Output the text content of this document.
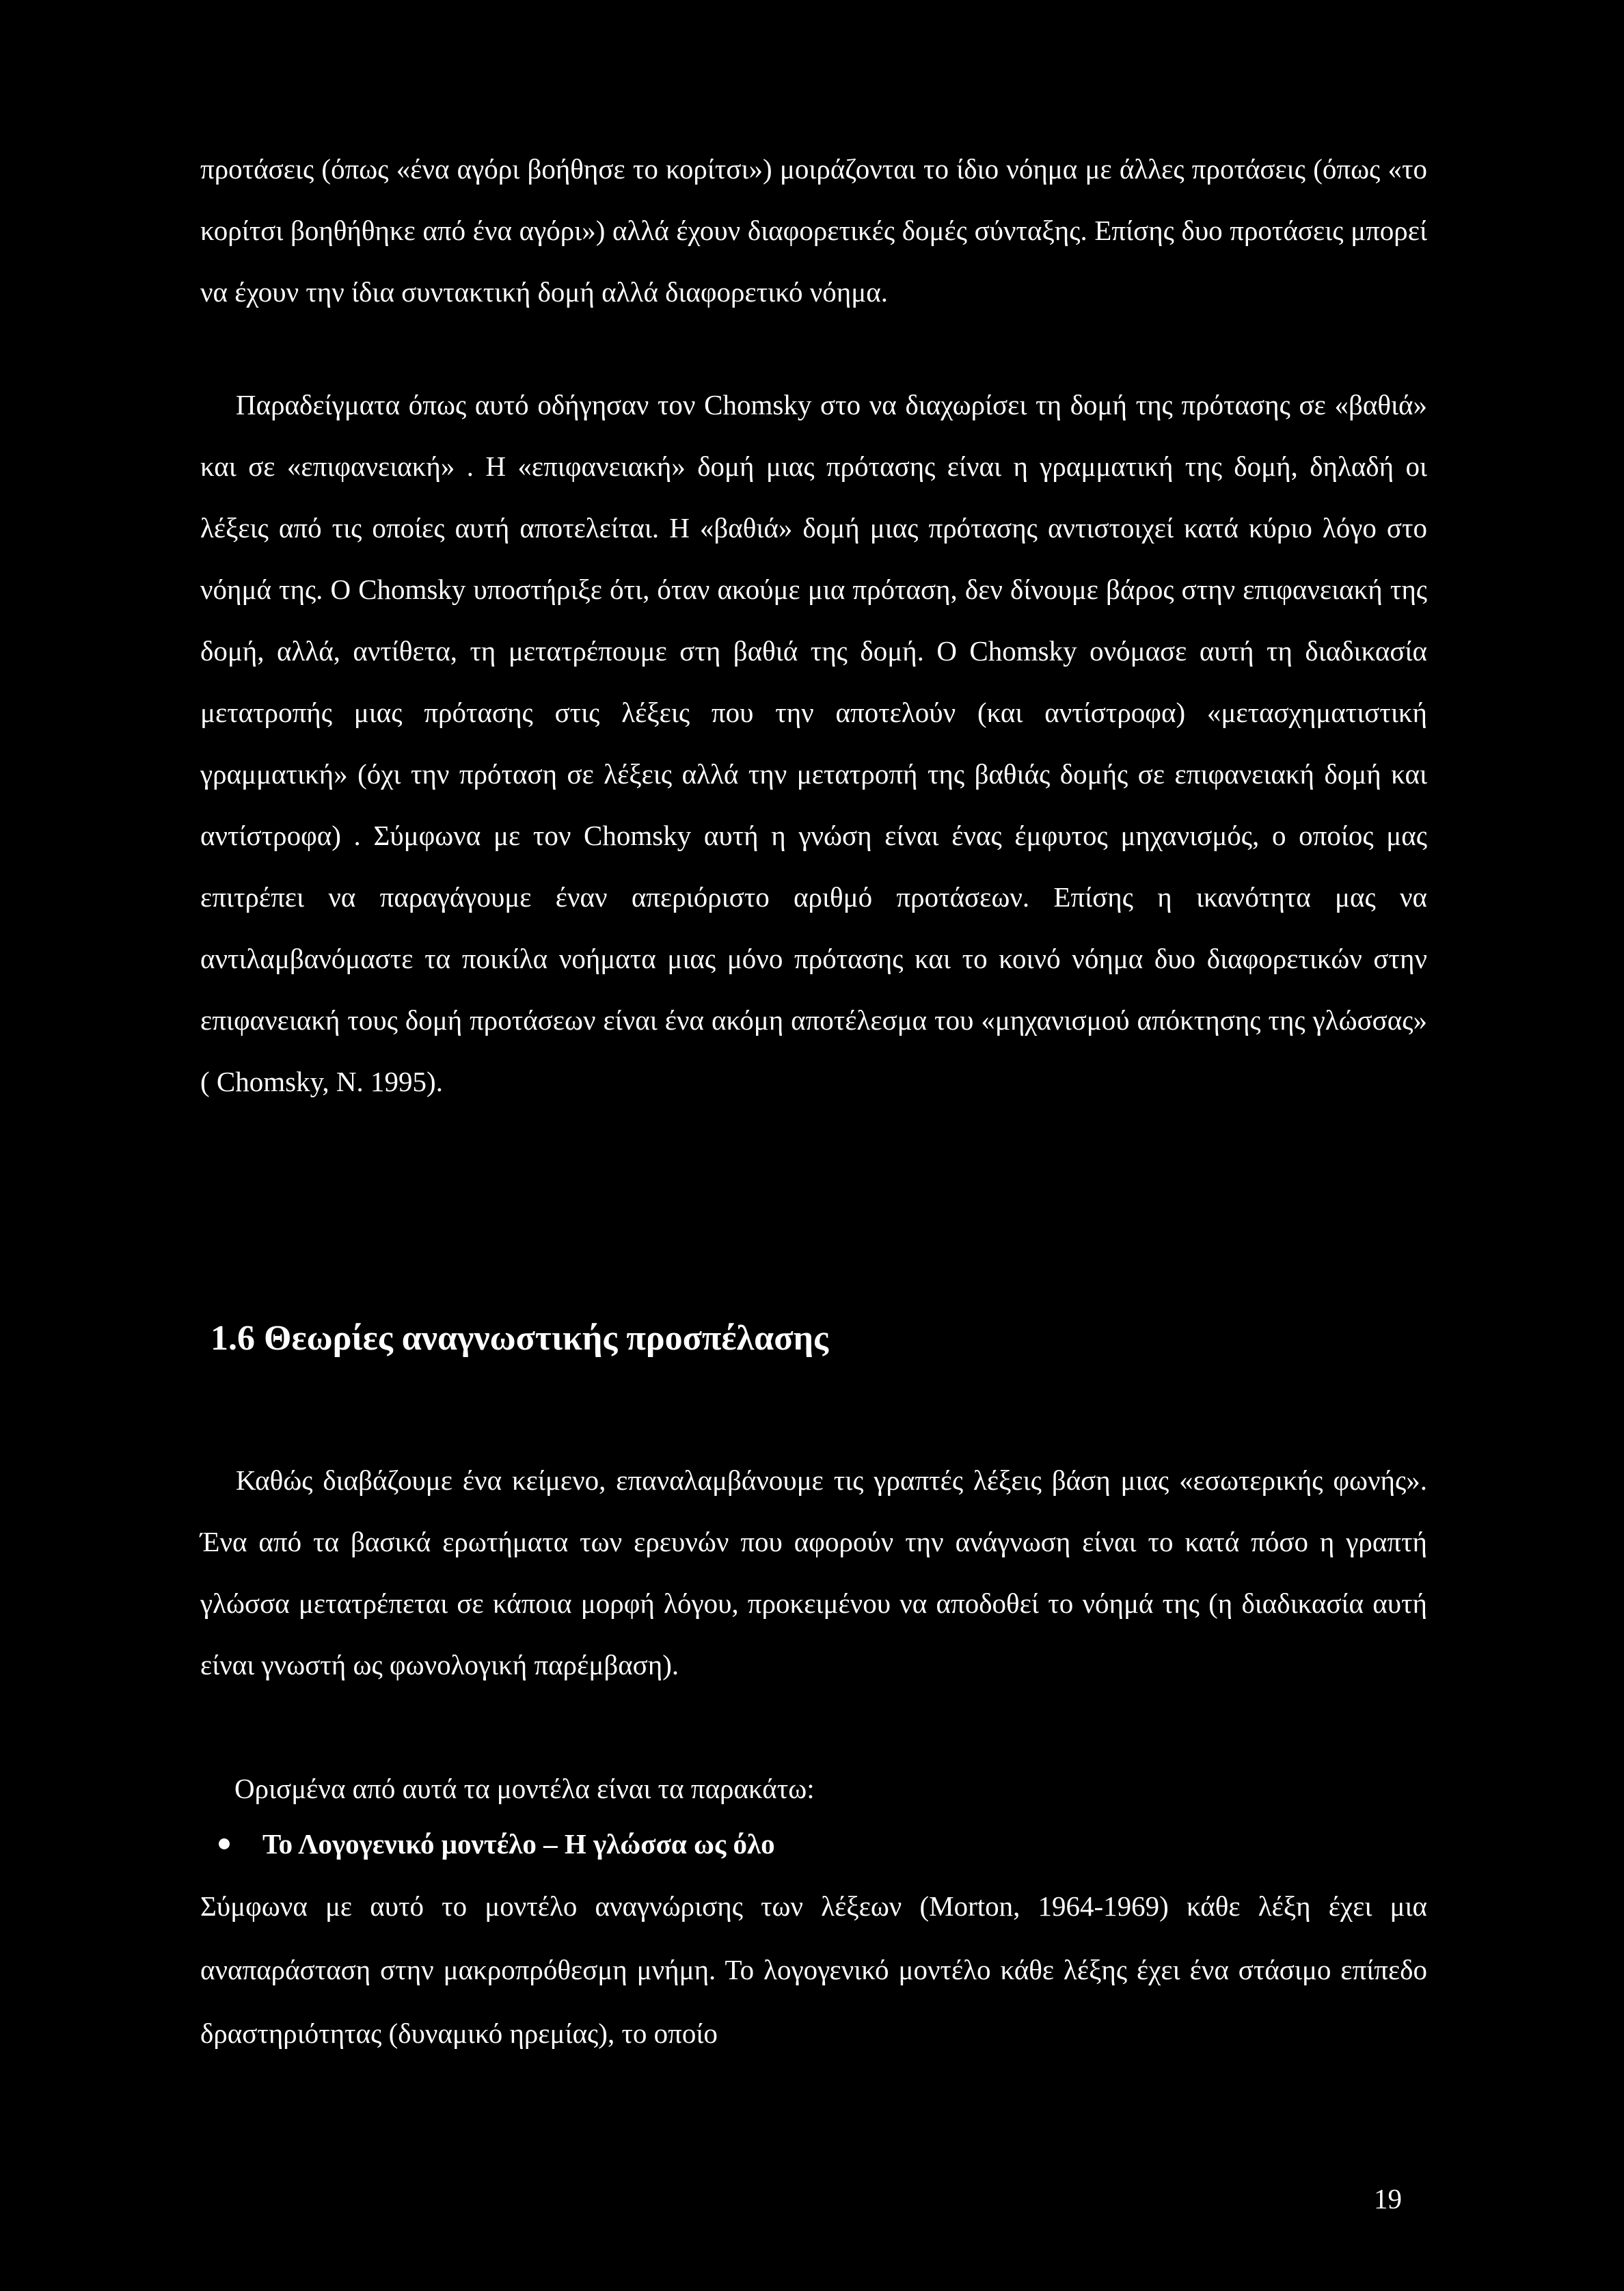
προτάσεις (όπως «ένα αγόρι βοήθησε το κορίτσι») μοιράζονται το ίδιο νόημα με άλλες προτάσεις (όπως «το κορίτσι βοηθήθηκε από ένα αγόρι») αλλά έχουν διαφορετικές δομές σύνταξης. Επίσης δυο προτάσεις μπορεί να έχουν την ίδια συντακτική δομή αλλά διαφορετικό νόημα.

Παραδείγματα όπως αυτό οδήγησαν τον Chomsky στο να διαχωρίσει τη δομή της πρότασης σε «βαθιά» και σε «επιφανειακή» . Η «επιφανειακή» δομή μιας πρότασης είναι η γραμματική της δομή, δηλαδή οι λέξεις από τις οποίες αυτή αποτελείται. Η «βαθιά» δομή μιας πρότασης αντιστοιχεί κατά κύριο λόγο στο νόημά της. Ο Chomsky υποστήριξε ότι, όταν ακούμε μια πρόταση, δεν δίνουμε βάρος στην επιφανειακή της δομή, αλλά, αντίθετα, τη μετατρέπουμε στη βαθιά της δομή. Ο Chomsky ονόμασε αυτή τη διαδικασία μετατροπής μιας πρότασης στις λέξεις που την αποτελούν (και αντίστροφα) «μετασχηματιστική γραμματική» (όχι την πρόταση σε λέξεις αλλά την μετατροπή της βαθιάς δομής σε επιφανειακή δομή και αντίστροφα) . Σύμφωνα με τον Chomsky αυτή η γνώση είναι ένας έμφυτος μηχανισμός, ο οποίος μας επιτρέπει να παραγάγουμε έναν απεριόριστο αριθμό προτάσεων. Επίσης η ικανότητα μας να αντιλαμβανόμαστε τα ποικίλα νοήματα μιας μόνο πρότασης και το κοινό νόημα δυο διαφορετικών στην επιφανειακή τους δομή προτάσεων είναι ένα ακόμη αποτέλεσμα του «μηχανισμού απόκτησης της γλώσσας» ( Chomsky, N. 1995).

1.6 Θεωρίες αναγνωστικής προσπέλασης

Καθώς διαβάζουμε ένα κείμενο, επαναλαμβάνουμε τις γραπτές λέξεις βάση μιας «εσωτερικής φωνής». Ένα από τα βασικά ερωτήματα των ερευνών που αφορούν την ανάγνωση είναι το κατά πόσο η γραπτή γλώσσα μετατρέπεται σε κάποια μορφή λόγου, προκειμένου να αποδοθεί το νόημά της (η διαδικασία αυτή είναι γνωστή ως φωνολογική παρέμβαση).

Ορισμένα από αυτά τα μοντέλα είναι τα παρακάτω:
Το Λογογενικό μοντέλο – Η γλώσσα ως όλο

Σύμφωνα με αυτό το μοντέλο αναγνώρισης των λέξεων (Morton, 1964-1969) κάθε λέξη έχει μια αναπαράσταση στην μακροπρόθεσμη μνήμη. Το λογογενικό μοντέλο κάθε λέξης έχει ένα στάσιμο επίπεδο δραστηριότητας (δυναμικό ηρεμίας), το οποίο

19
